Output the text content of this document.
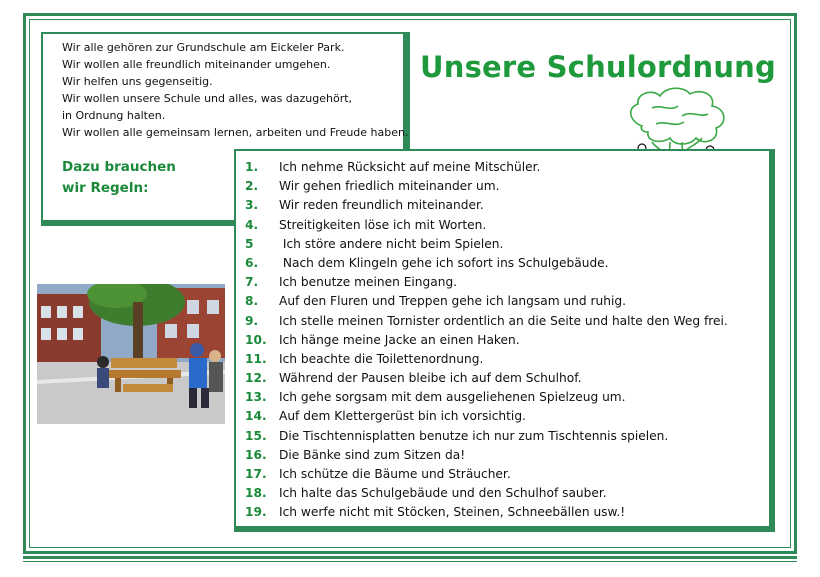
Wir alle gehören zur Grundschule am Eickeler Park.
Wir wollen alle freundlich miteinander umgehen.
Wir helfen uns gegenseitig.
Wir wollen unsere Schule und alles, was dazugehört,
in Ordnung halten.
Wir wollen alle gemeinsam lernen, arbeiten und Freude haben.
Dazu brauchen
wir Regeln:
Unsere Schulordnung
1.	Ich nehme Rücksicht auf meine Mitschüler.
2.	Wir gehen friedlich miteinander um.
3.	Wir reden freundlich miteinander.
4.	Streitigkeiten löse ich mit Worten.
5	Ich störe andere nicht beim Spielen.
6.	Nach dem Klingeln gehe ich sofort ins Schulgebäude.
7.	Ich benutze meinen Eingang.
8.	Auf den Fluren und Treppen gehe ich langsam und ruhig.
9.	Ich stelle meinen Tornister ordentlich an die Seite und halte den Weg frei.
10.	Ich hänge meine Jacke an einen Haken.
11.	Ich beachte die Toilettenordnung.
12.	Während der Pausen bleibe ich auf dem Schulhof.
13.	Ich gehe sorgsam mit dem ausgeliehenen Spielzeug um.
14.	Auf dem Klettergerüst bin ich vorsichtig.
15.	Die Tischtennisplatten benutze ich nur zum Tischtennis spielen.
16.	Die Bänke sind zum Sitzen da!
17.	Ich schütze die Bäume und Sträucher.
18.	Ich halte das Schulgebäude und den Schulhof sauber.
19.	Ich werfe nicht mit Stöcken, Steinen, Schneebällen usw.!
